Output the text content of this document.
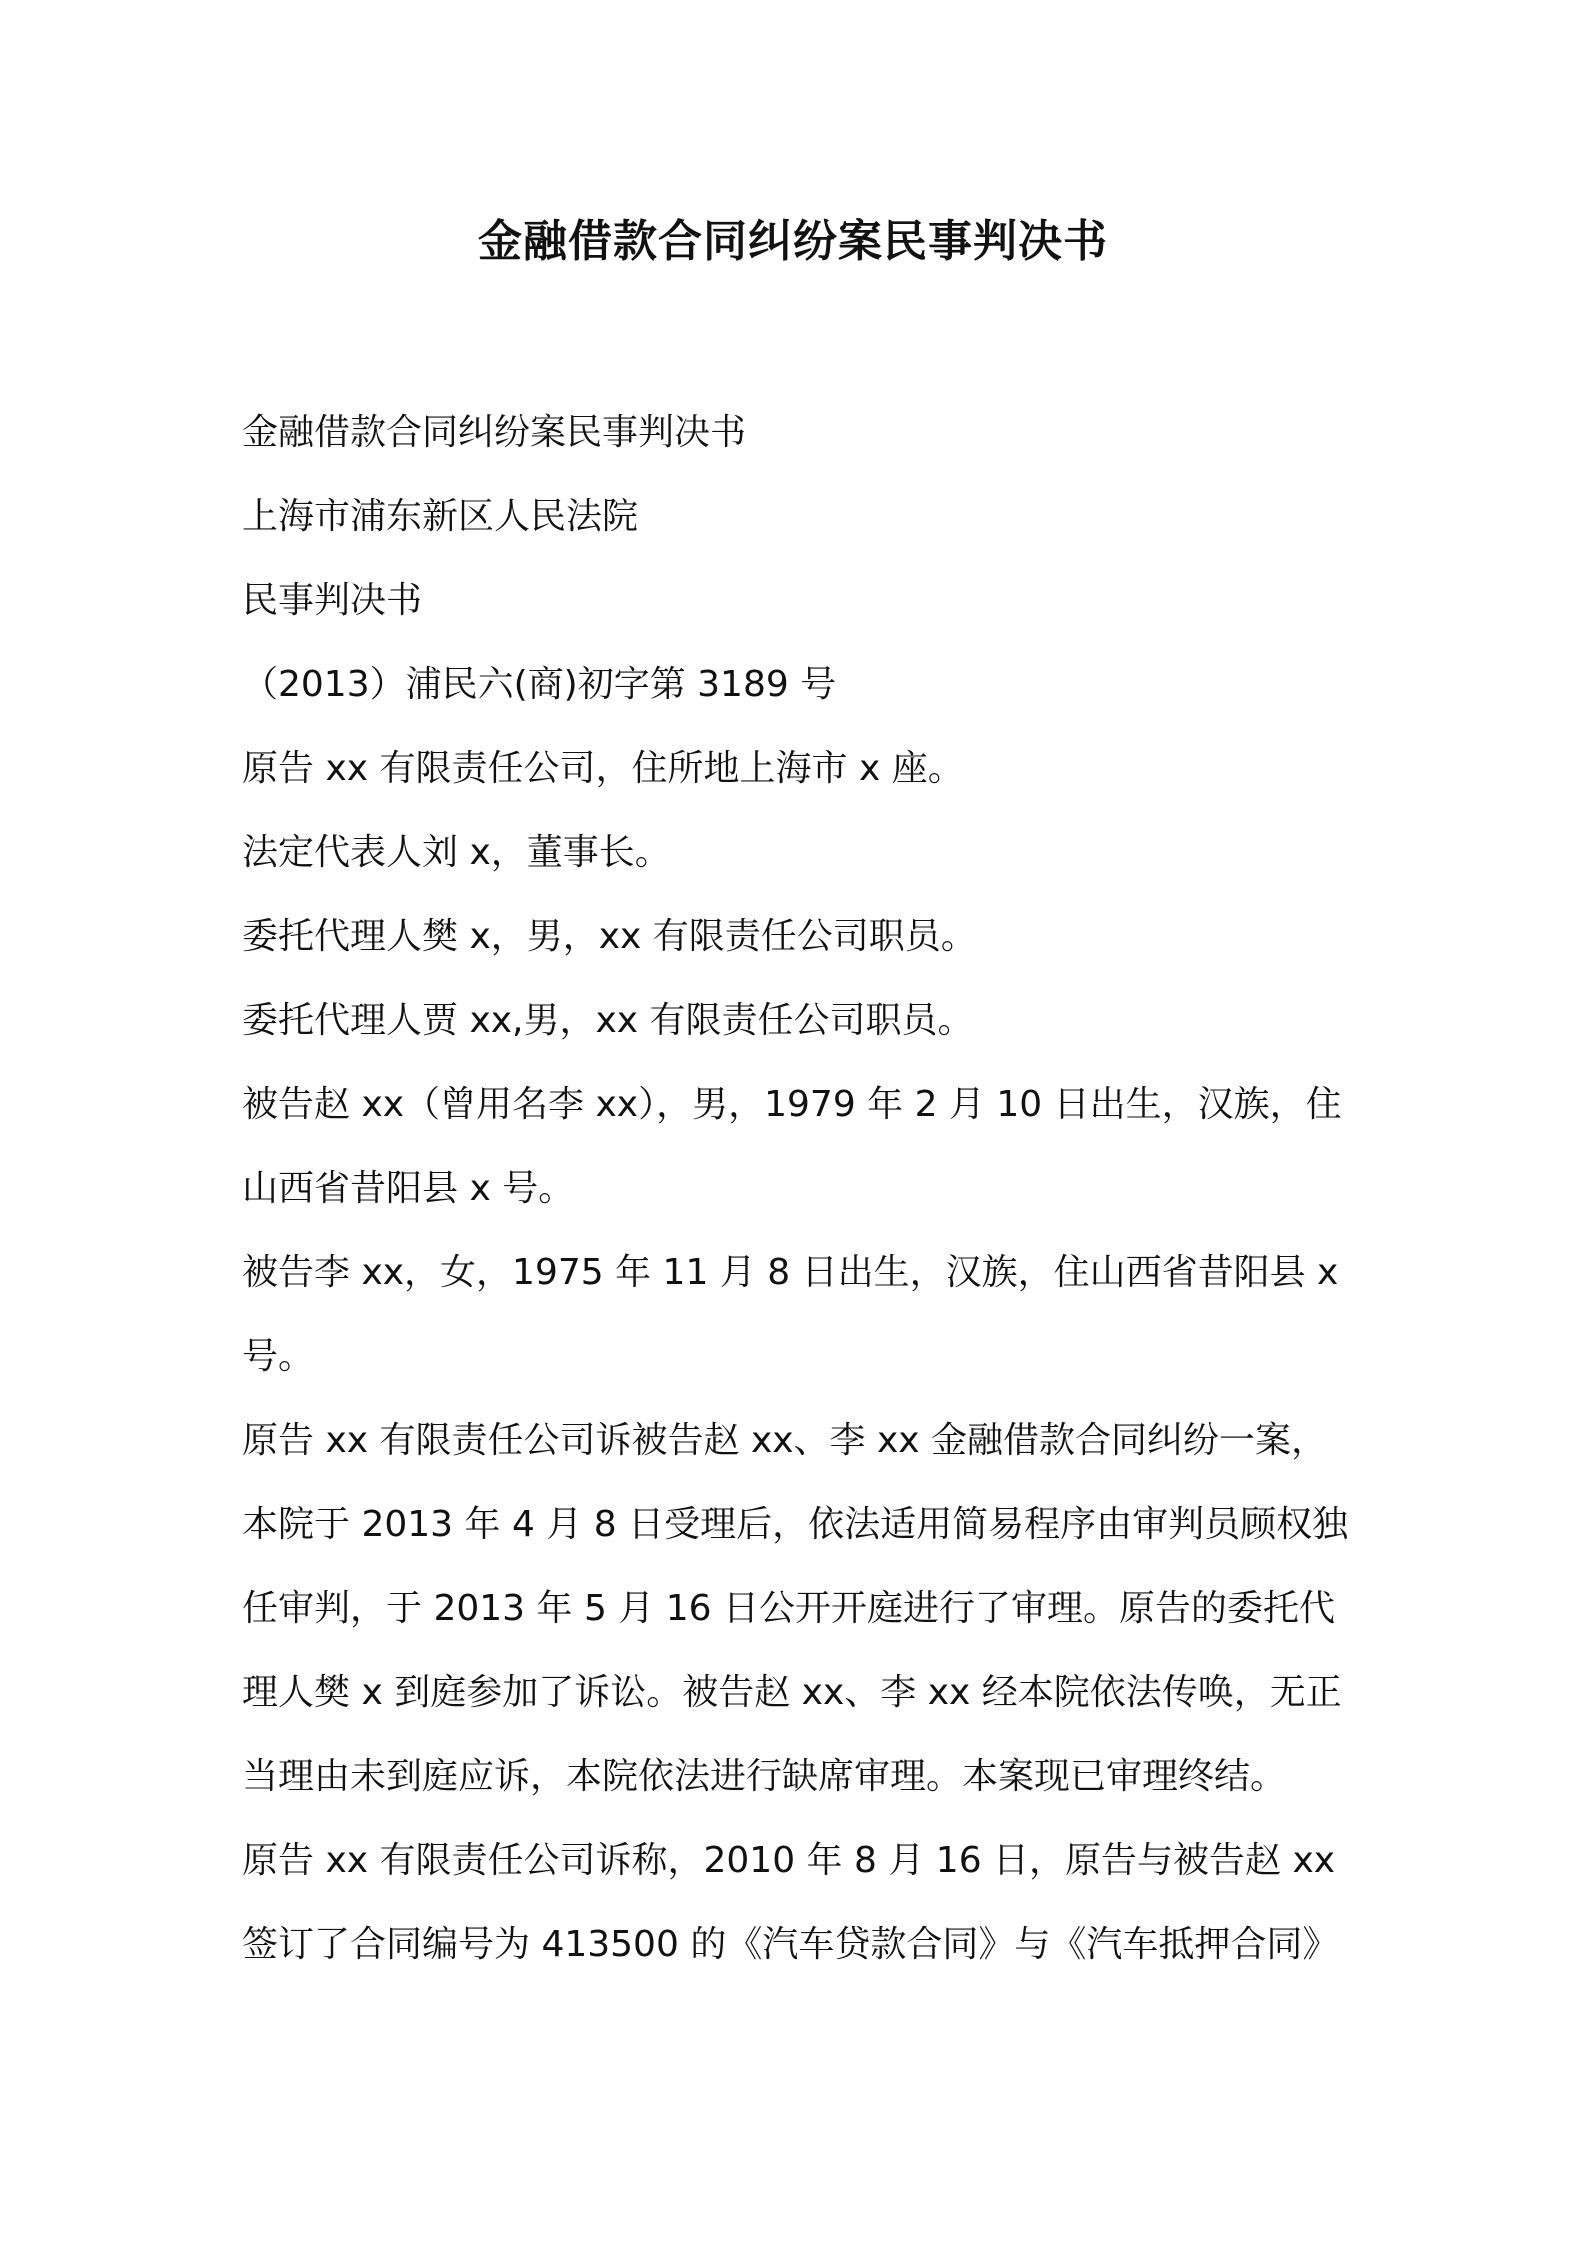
金融借款合同纠纷案民事判决书

金融借款合同纠纷案民事判决书

上海市浦东新区人民法院

民事判决书

（2013）浦民六(商)初字第 3189 号

原告 xx 有限责任公司，住所地上海市 x 座。

法定代表人刘 x，董事长。

委托代理人樊 x，男，xx 有限责任公司职员。

委托代理人贾 xx,男，xx 有限责任公司职员。

被告赵 xx（曾用名李 xx），男，1979 年 2 月 10 日出生，汉族，住

山西省昔阳县 x 号。

被告李 xx，女，1975 年 11 月 8 日出生，汉族，住山西省昔阳县 x

号。

原告 xx 有限责任公司诉被告赵 xx、李 xx 金融借款合同纠纷一案，

本院于 2013 年 4 月 8 日受理后，依法适用简易程序由审判员顾权独

任审判，于 2013 年 5 月 16 日公开开庭进行了审理。原告的委托代

理人樊 x 到庭参加了诉讼。被告赵 xx、李 xx 经本院依法传唤，无正

当理由未到庭应诉，本院依法进行缺席审理。本案现已审理终结。

原告 xx 有限责任公司诉称，2010 年 8 月 16 日，原告与被告赵 xx

签订了合同编号为 413500 的《汽车贷款合同》与《汽车抵押合同》
